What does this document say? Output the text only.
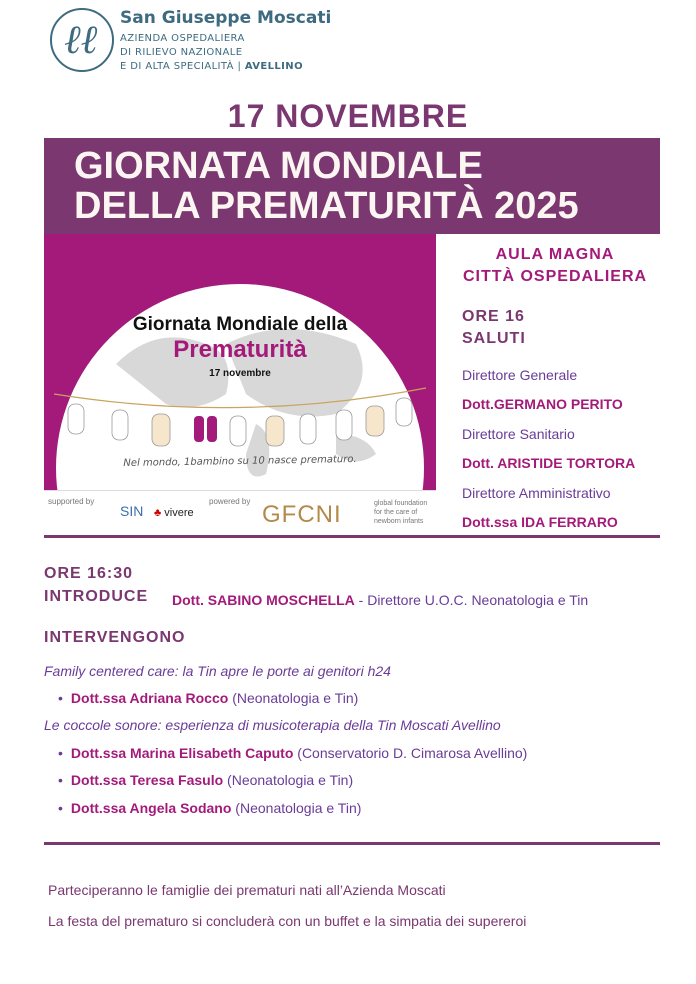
ℓℓ San Giuseppe Moscati
AZIENDA OSPEDALIERA
DI RILIEVO NAZIONALE
E DI ALTA SPECIALITÀ | AVELLINO
17 NOVEMBRE
GIORNATA MONDIALE
DELLA PREMATURITÀ 2025
Giornata Mondiale della
Prematurità
17 novembre
Nel mondo, 1bambino su 10 nasce prematuro.
supported by
SIN ♣ vivere
powered by GFCNI	global foundation for the care of newborn infants
AULA MAGNA
CITTÀ OSPEDALIERA
ORE 16
SALUTI
Direttore Generale
Dott.GERMANO PERITO
Direttore Sanitario
Dott. ARISTIDE TORTORA
Direttore Amministrativo
Dott.ssa IDA FERRARO
ORE 16:30
INTRODUCE Dott. SABINO MOSCHELLA - Direttore U.O.C. Neonatologia e Tin
INTERVENGONO
Family centered care: la Tin apre le porte ai genitori h24
• Dott.ssa Adriana Rocco (Neonatologia e Tin)
Le coccole sonore: esperienza di musicoterapia della Tin Moscati Avellino
• Dott.ssa Marina Elisabeth Caputo (Conservatorio D. Cimarosa Avellino)
• Dott.ssa Teresa Fasulo (Neonatologia e Tin)
• Dott.ssa Angela Sodano (Neonatologia e Tin)
Parteciperanno le famiglie dei prematuri nati all’Azienda Moscati
La festa del prematuro si concluderà con un buffet e la simpatia dei supereroi
